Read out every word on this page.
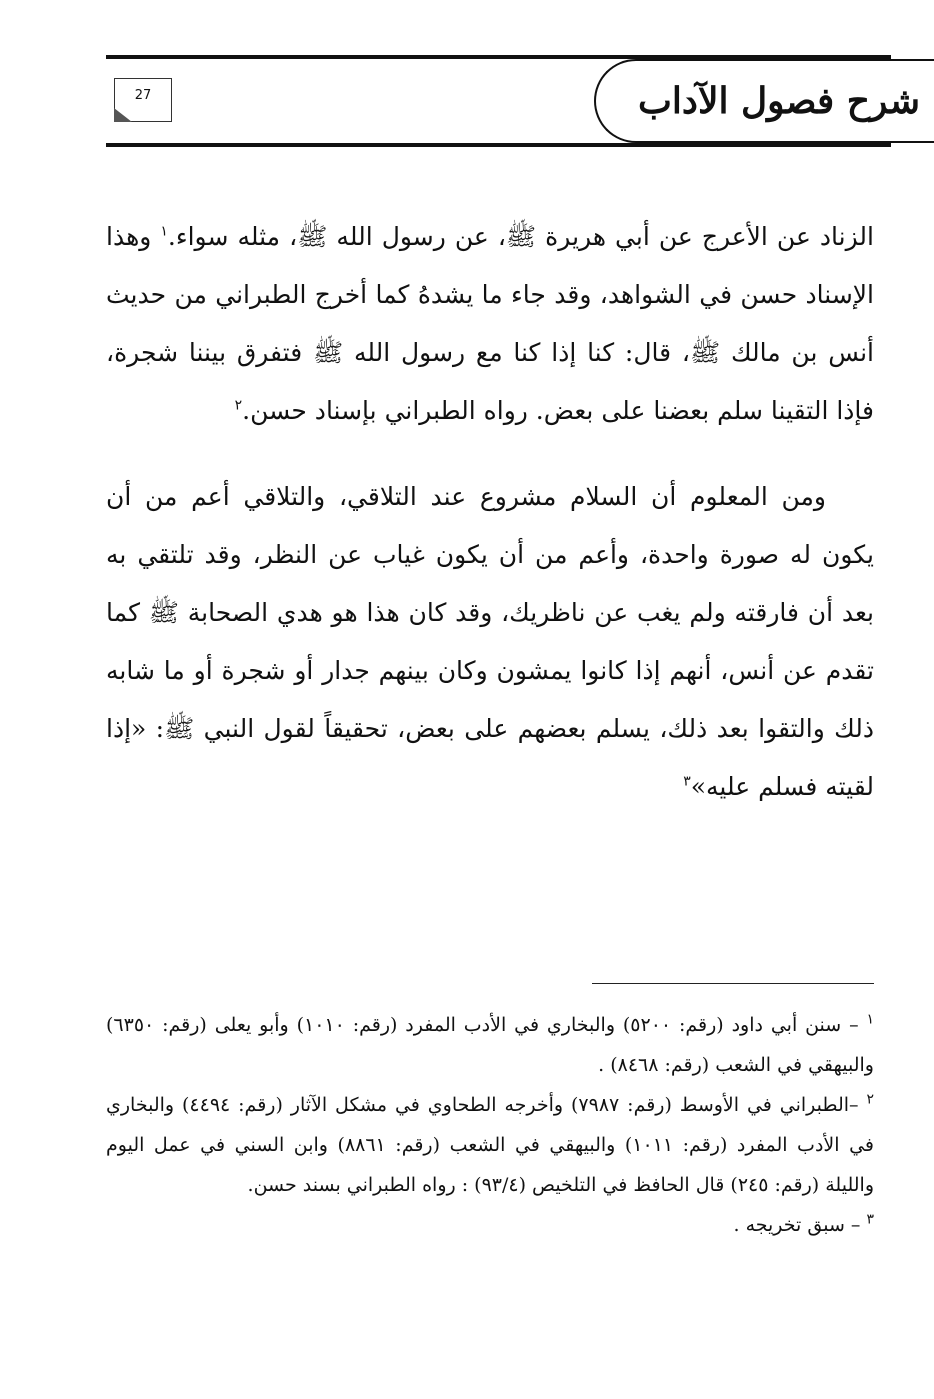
شرح فصول الآداب
27

الزناد عن الأعرج عن أبي هريرة ﷺ، عن رسول الله ﷺ، مثله سواء.$^١$ وهذا الإسناد حسن في الشواهد، وقد جاء ما يشدهُ كما أخرج الطبراني من حديث أنس بن مالك ﷺ، قال: كنا إذا كنا مع رسول الله ﷺ فتفرق بيننا شجرة، فإذا التقينا سلم بعضنا على بعض. رواه الطبراني بإسناد حسن.$^٢$

ومن المعلوم أن السلام مشروع عند التلاقي، والتلاقي أعم من أن يكون له صورة واحدة، وأعم من أن يكون غياب عن النظر، وقد تلتقي به بعد أن فارقته ولم يغب عن ناظريك، وقد كان هذا هو هدي الصحابة ﷺ كما تقدم عن أنس، أنهم إذا كانوا يمشون وكان بينهم جدار أو شجرة أو ما شابه ذلك والتقوا بعد ذلك، يسلم بعضهم على بعض، تحقيقاً لقول النبي ﷺ: «إذا لقيته فسلم عليه»$^٣$

$^١$ – سنن أبي داود (رقم: ٥٢٠٠) والبخاري في الأدب المفرد (رقم: ١٠١٠) وأبو يعلى (رقم: ٦٣٥٠) والبيهقي في الشعب (رقم: ٨٤٦٨) .

$^٢$ –الطبراني في الأوسط (رقم: ٧٩٨٧) وأخرجه الطحاوي في مشكل الآثار (رقم: ٤٤٩٤) والبخاري في الأدب المفرد (رقم: ١٠١١) والبيهقي في الشعب (رقم: ٨٨٦١) وابن السني في عمل اليوم والليلة (رقم: ٢٤٥) قال الحافظ في التلخيص (٩٣/٤) : رواه الطبراني بسند حسن.

$^٣$ – سبق تخريجه .
